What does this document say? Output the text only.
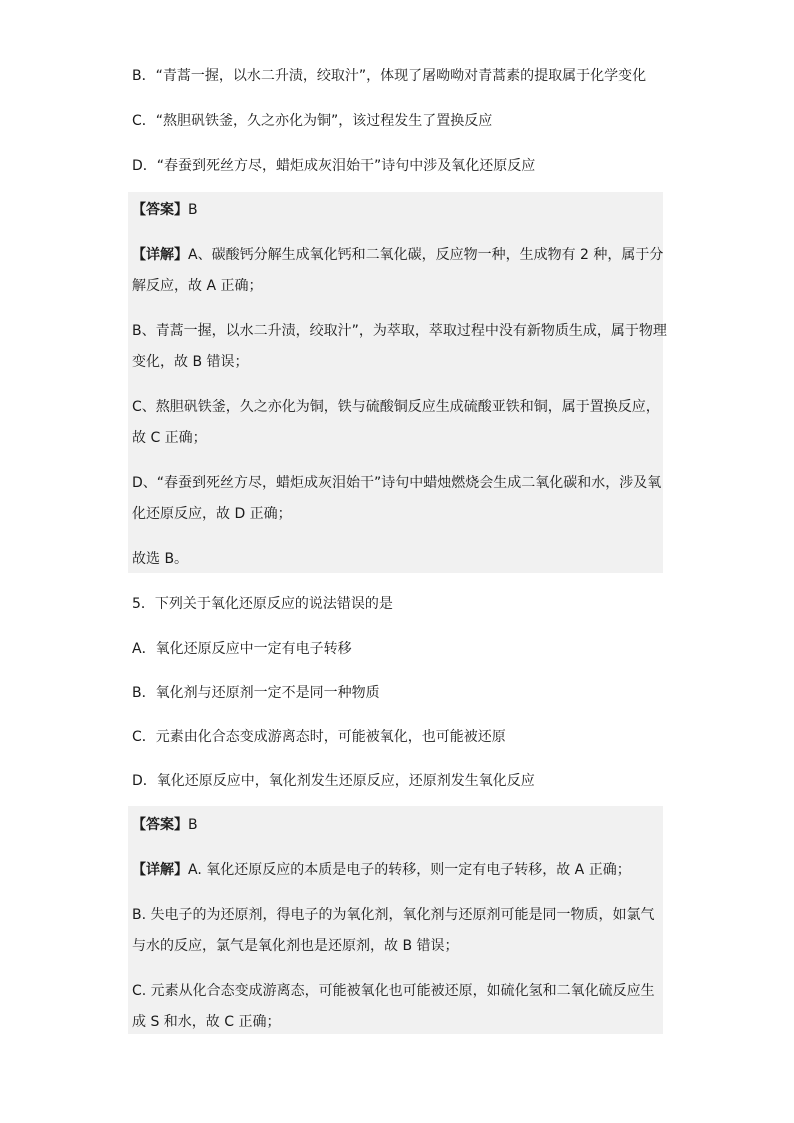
B．“青蒿一握，以水二升渍，绞取汁”，体现了屠呦呦对青蒿素的提取属于化学变化
C．“熬胆矾铁釜，久之亦化为铜”，该过程发生了置换反应
D．“春蚕到死丝方尽，蜡炬成灰泪始干”诗句中涉及氧化还原反应
【答案】B
【详解】A、碳酸钙分解生成氧化钙和二氧化碳，反应物一种，生成物有 2 种，属于分
解反应，故 A 正确；
B、青蒿一握，以水二升渍，绞取汁”，为萃取，萃取过程中没有新物质生成，属于物理
变化，故 B 错误；
C、熬胆矾铁釜，久之亦化为铜，铁与硫酸铜反应生成硫酸亚铁和铜，属于置换反应，
故 C 正确；
D、“春蚕到死丝方尽，蜡炬成灰泪始干”诗句中蜡烛燃烧会生成二氧化碳和水，涉及氧
化还原反应，故 D 正确；
故选 B。
5．下列关于氧化还原反应的说法错误的是
A．氧化还原反应中一定有电子转移
B．氧化剂与还原剂一定不是同一种物质
C．元素由化合态变成游离态时，可能被氧化，也可能被还原
D．氧化还原反应中，氧化剂发生还原反应，还原剂发生氧化反应
【答案】B
【详解】A. 氧化还原反应的本质是电子的转移，则一定有电子转移，故 A 正确；
B. 失电子的为还原剂，得电子的为氧化剂，氧化剂与还原剂可能是同一物质，如氯气
与水的反应，氯气是氧化剂也是还原剂，故 B 错误；
C. 元素从化合态变成游离态，可能被氧化也可能被还原，如硫化氢和二氧化硫反应生
成 S 和水，故 C 正确；
